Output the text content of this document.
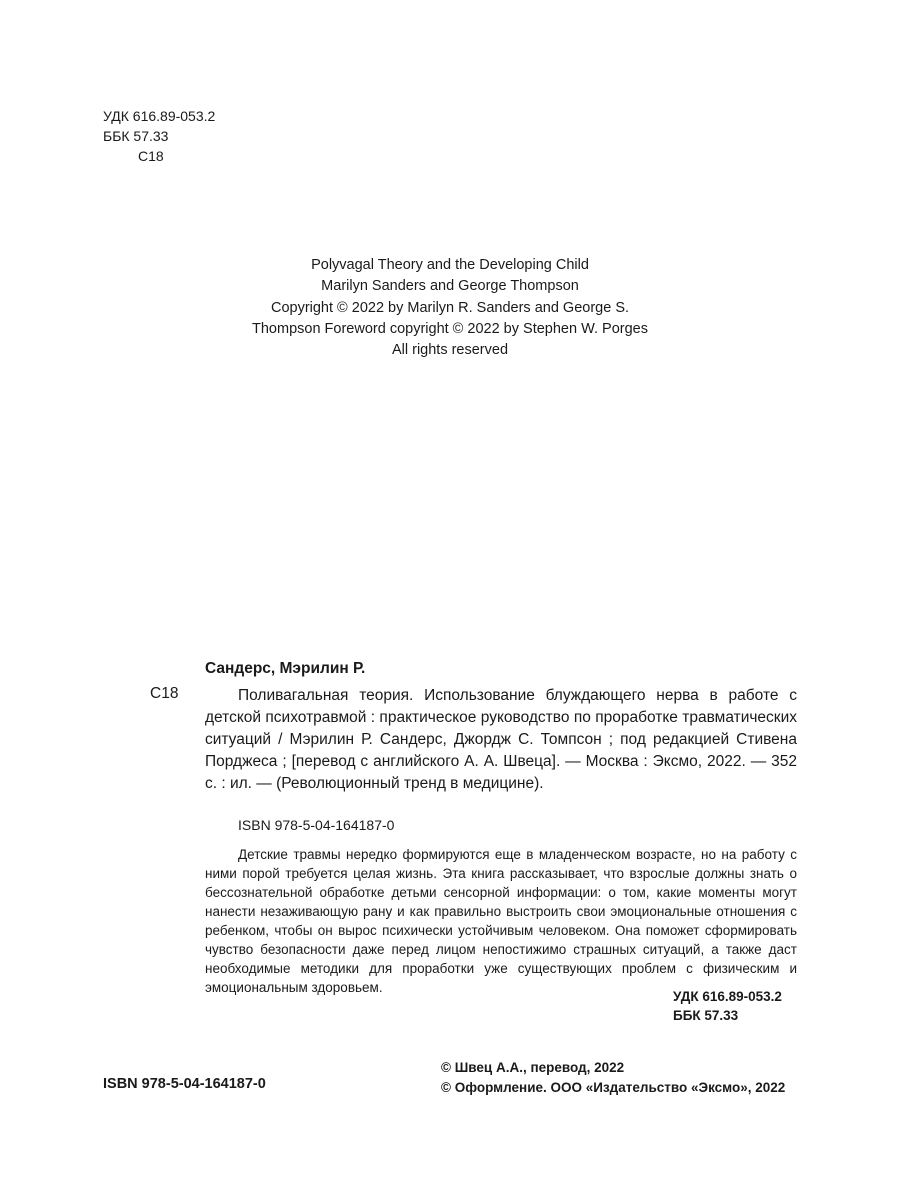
УДК 616.89-053.2
ББК 57.33
С18
Polyvagal Theory and the Developing Child
Marilyn Sanders and George Thompson
Copyright © 2022 by Marilyn R. Sanders and George S.
Thompson Foreword copyright © 2022 by Stephen W. Porges
All rights reserved
Сандерс, Мэрилин Р.
С18	Поливагальная теория. Использование блуждающего нерва в работе с детской психотравмой : практическое руководство по проработке травматических ситуаций / Мэрилин Р. Сандерс, Джордж С. Томпсон ; под редакцией Стивена Порджеса ; [перевод с английского А. А. Швеца]. — Москва : Эксмо, 2022. — 352 с. : ил. — (Революционный тренд в медицине).
ISBN 978-5-04-164187-0
Детские травмы нередко формируются еще в младенческом возрасте, но на работу с ними порой требуется целая жизнь. Эта книга рассказывает, что взрослые должны знать о бессознательной обработке детьми сенсорной информации: о том, какие моменты могут нанести незаживающую рану и как правильно выстроить свои эмоциональные отношения с ребенком, чтобы он вырос психически устойчивым человеком. Она поможет сформировать чувство безопасности даже перед лицом непостижимо страшных ситуаций, а также даст необходимые методики для проработки уже существующих проблем с физическим и эмоциональным здоровьем.
УДК 616.89-053.2
ББК 57.33
© Швец А.А., перевод, 2022
© Оформление. ООО «Издательство «Эксмо», 2022
ISBN 978-5-04-164187-0
